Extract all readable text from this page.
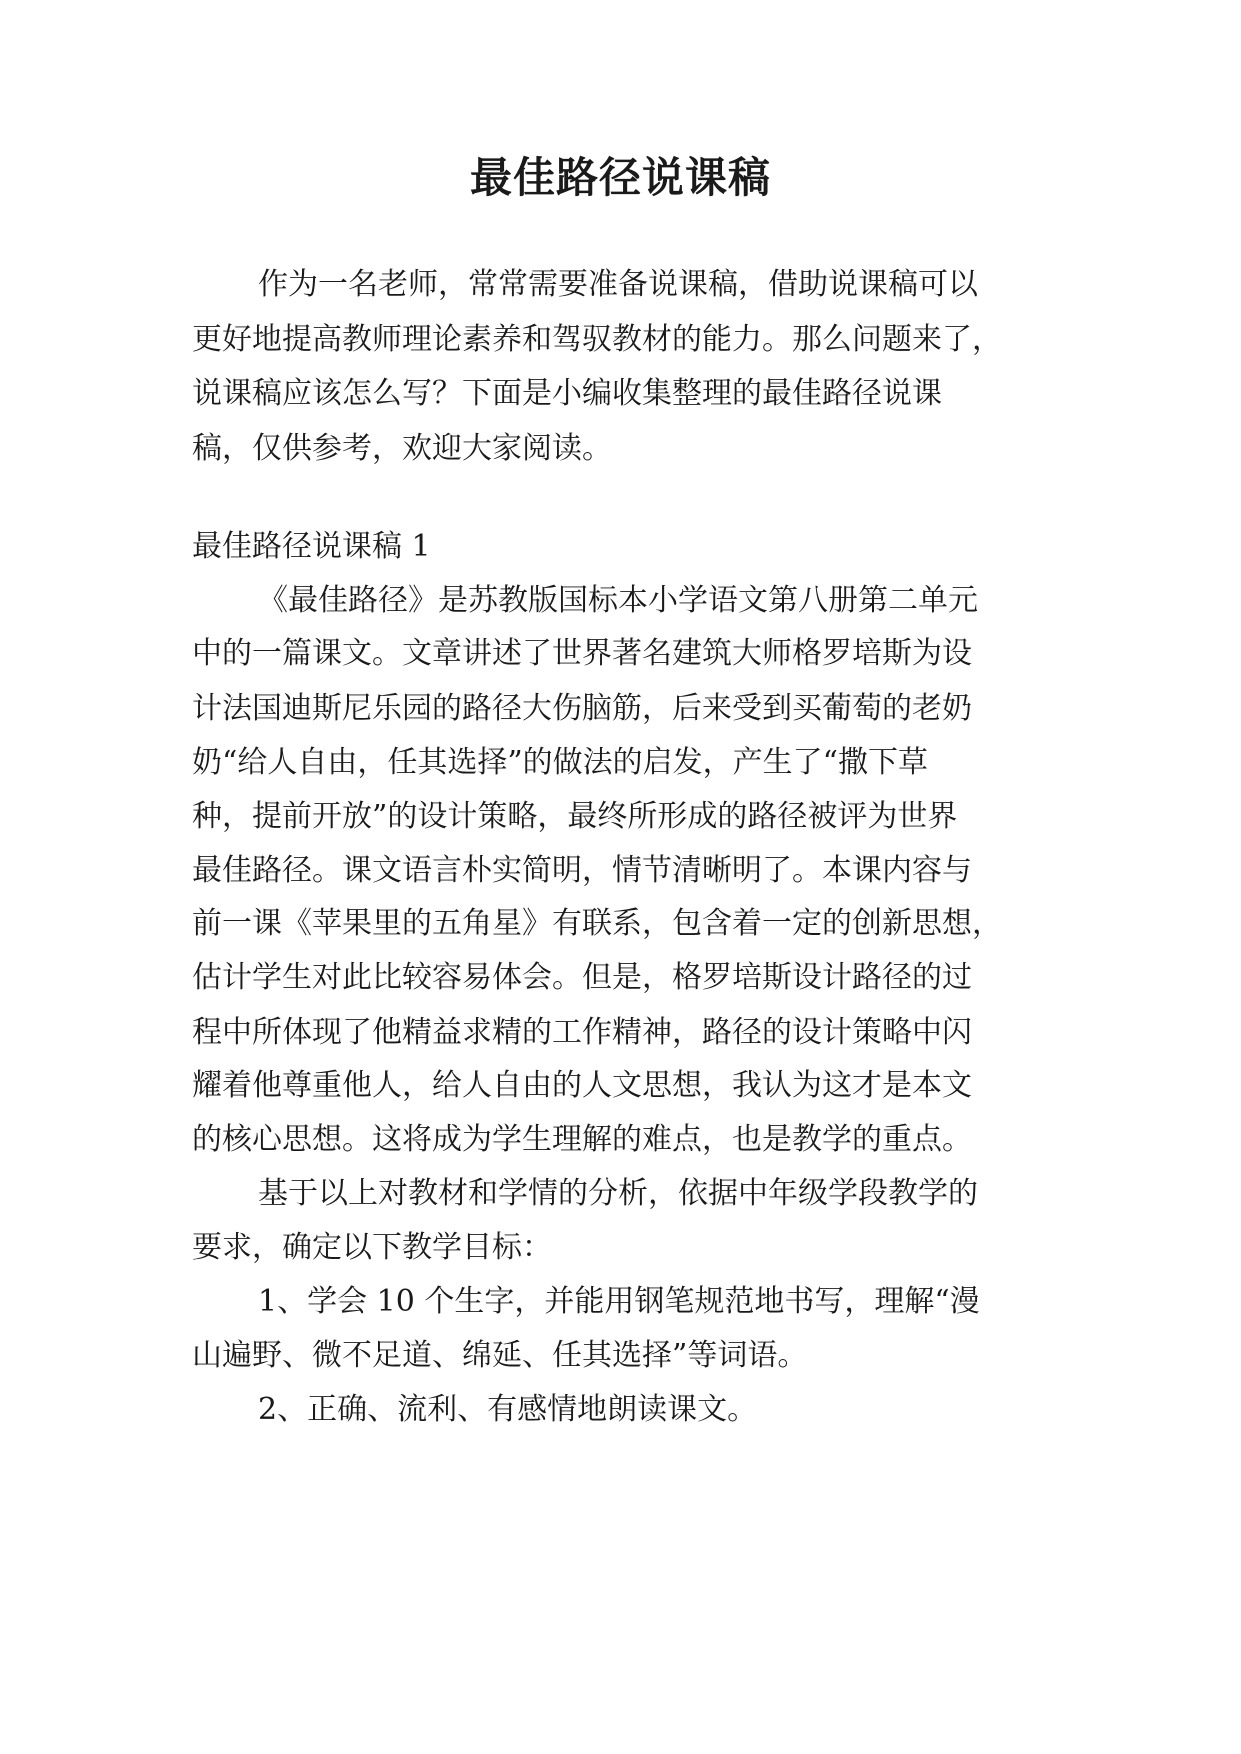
最佳路径说课稿
作为一名老师，常常需要准备说课稿，借助说课稿可以
更好地提高教师理论素养和驾驭教材的能力。那么问题来了，
说课稿应该怎么写？下面是小编收集整理的最佳路径说课
稿，仅供参考，欢迎大家阅读。
最佳路径说课稿 1
《最佳路径》是苏教版国标本小学语文第八册第二单元
中的一篇课文。文章讲述了世界著名建筑大师格罗培斯为设
计法国迪斯尼乐园的路径大伤脑筋，后来受到买葡萄的老奶
奶“给人自由，任其选择”的做法的启发，产生了“撒下草
种，提前开放”的设计策略，最终所形成的路径被评为世界
最佳路径。课文语言朴实简明，情节清晰明了。本课内容与
前一课《苹果里的五角星》有联系，包含着一定的创新思想，
估计学生对此比较容易体会。但是，格罗培斯设计路径的过
程中所体现了他精益求精的工作精神，路径的设计策略中闪
耀着他尊重他人，给人自由的人文思想，我认为这才是本文
的核心思想。这将成为学生理解的难点，也是教学的重点。
基于以上对教材和学情的分析，依据中年级学段教学的
要求，确定以下教学目标：
1、学会 10 个生字，并能用钢笔规范地书写，理解“漫
山遍野、微不足道、绵延、任其选择”等词语。
2、正确、流利、有感情地朗读课文。
